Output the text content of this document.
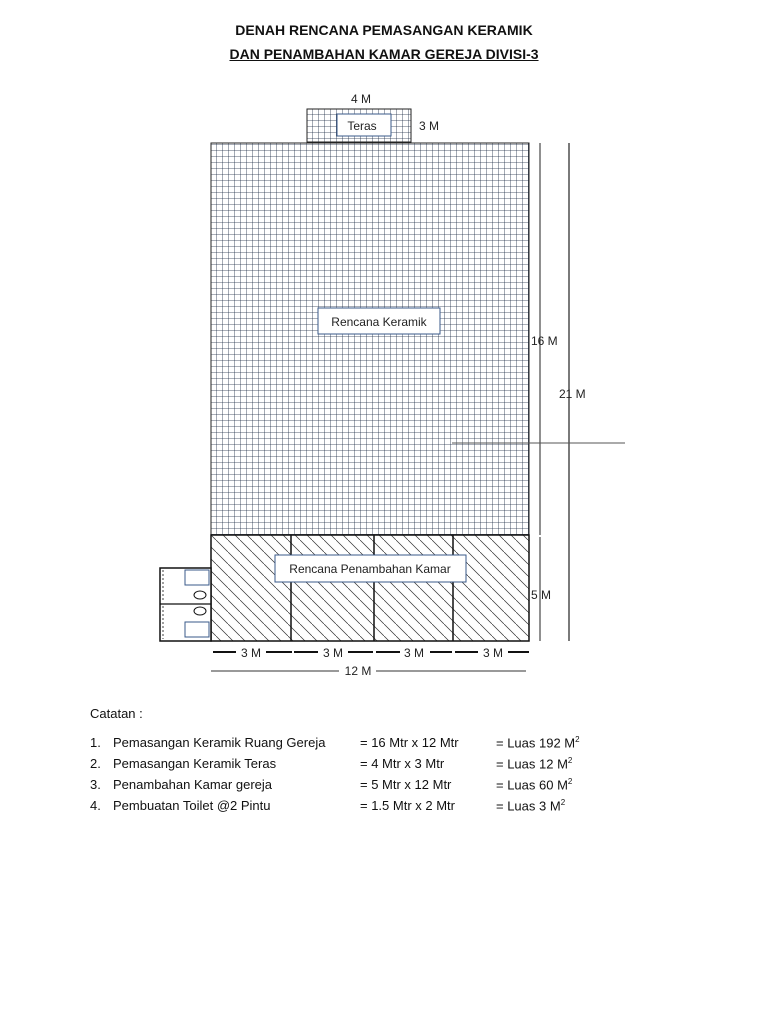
DENAH RENCANA PEMASANGAN KERAMIK
DAN PENAMBAHAN KAMAR GEREJA DIVISI-3
Teras
4 M
3 M
Rencana Keramik
Rencana Penambahan Kamar
16 M
5 M
21 M
3 M	3 M	3 M	3 M
12 M
Catatan :
1. Pemasangan Keramik Ruang Gereja	= 16 Mtr x 12 Mtr	= Luas 192 $M^2$
2. Pemasangan Keramik Teras	= 4 Mtr x 3 Mtr	= Luas 12 $M^2$
3. Penambahan Kamar gereja	= 5 Mtr x 12 Mtr	= Luas 60 $M^2$
4. Pembuatan Toilet @2 Pintu	= 1.5 Mtr x 2 Mtr	= Luas 3 $M^2$
